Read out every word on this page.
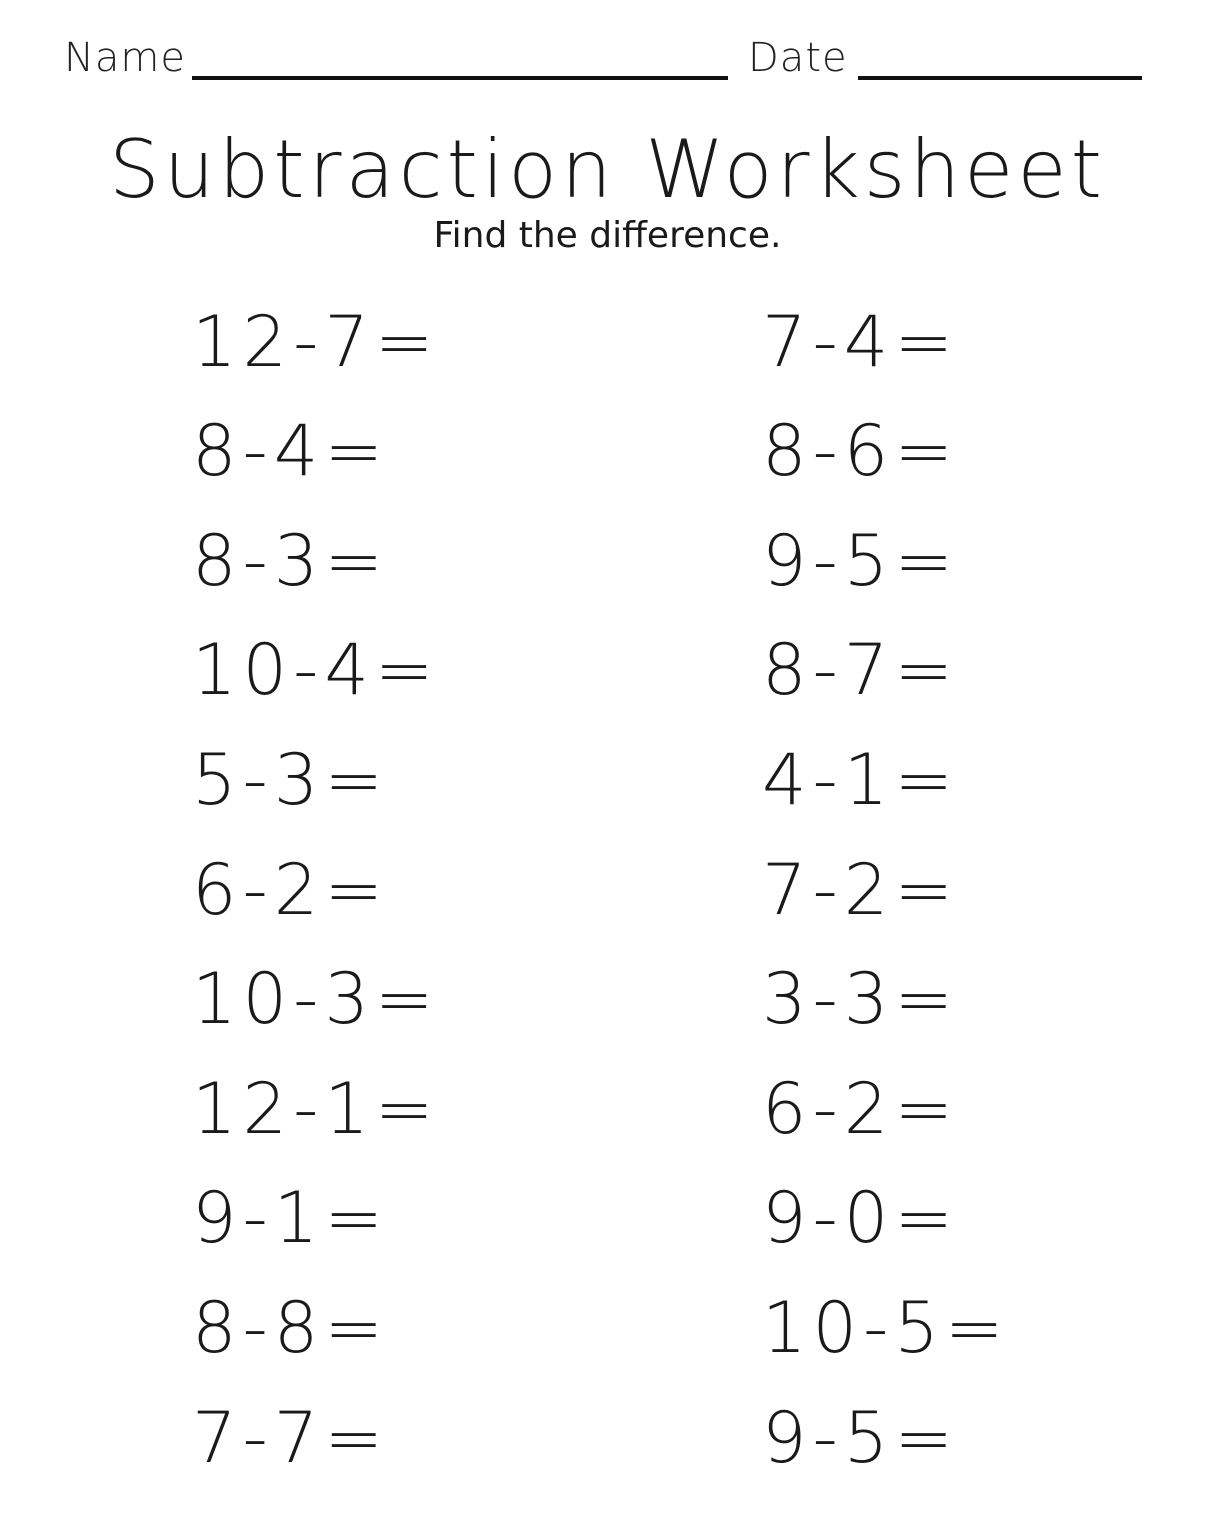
Name	Date
Subtraction Worksheet
Find the difference.
12-7=
8-4=
8-3=
10-4=
5-3=
6-2=
10-3=
12-1=
9-1=
8-8=
7-7=
7-4=
8-6=
9-5=
8-7=
4-1=
7-2=
3-3=
6-2=
9-0=
10-5=
9-5=
